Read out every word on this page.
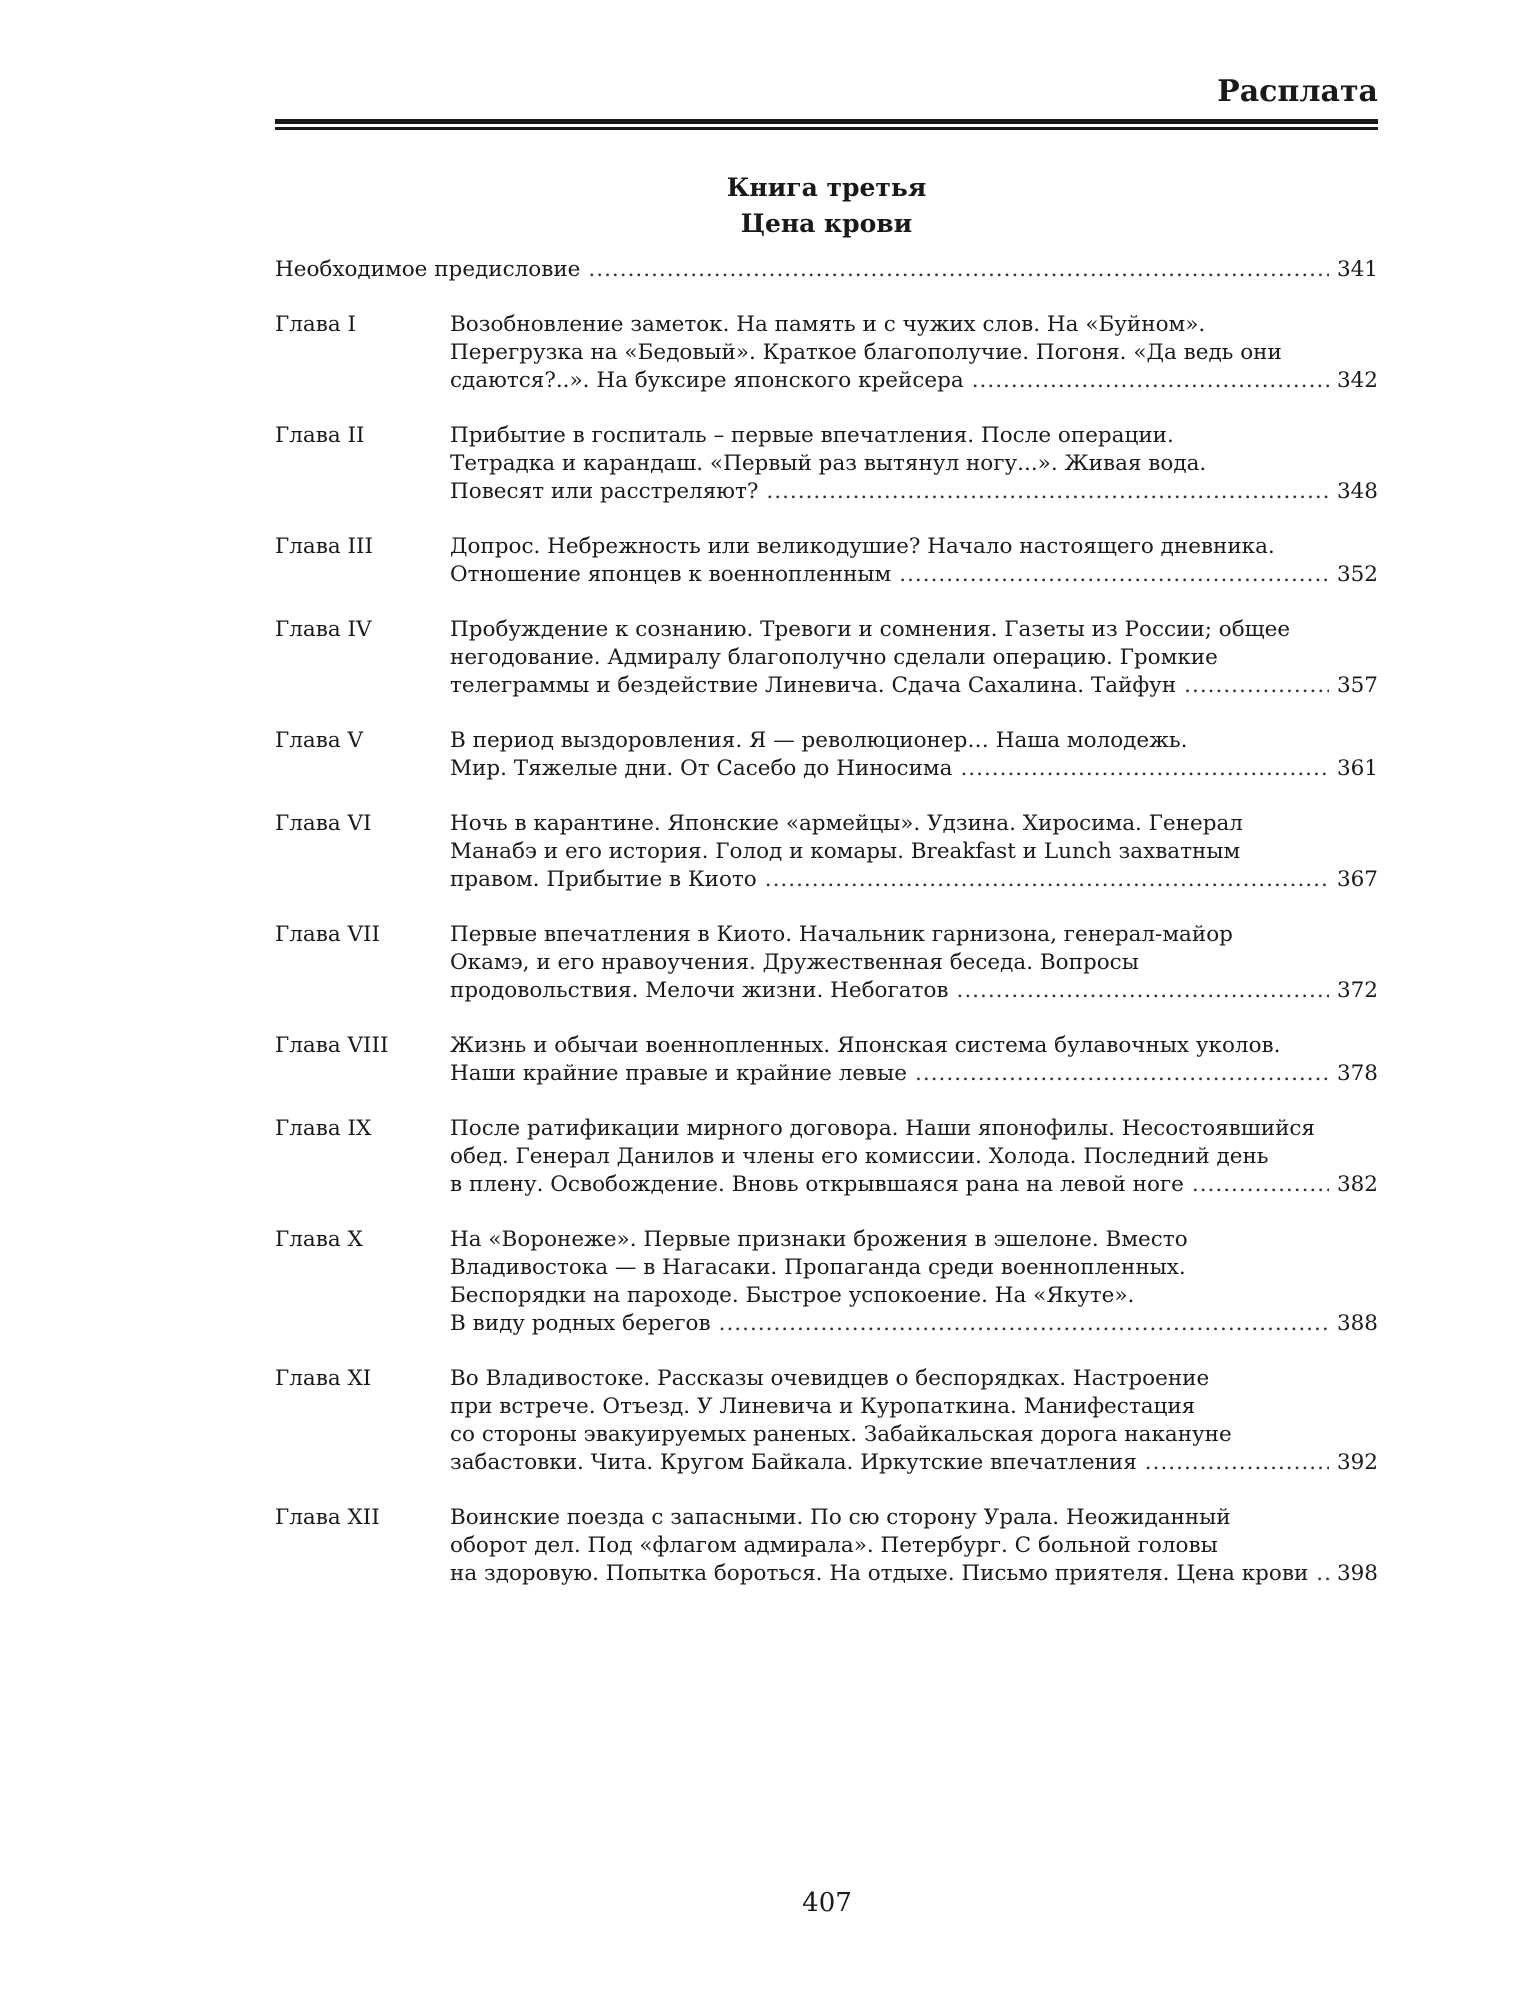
Расплата
Книга третья
Цена крови
Необходимое предисловие .....	341
Глава I	Возобновление заметок. На память и с чужих слов. На «Буйном».
Перегрузка на «Бедовый». Краткое благополучие. Погоня. «Да ведь они
сдаются?..». На буксире японского крейсера .....	342
Глава II	Прибытие в госпиталь – первые впечатления. После операции.
Тетрадка и карандаш. «Первый раз вытянул ногу...». Живая вода.
Повесят или расстреляют? .....	348
Глава III	Допрос. Небрежность или великодушие? Начало настоящего дневника.
Отношение японцев к военнопленным .....	352
Глава IV	Пробуждение к сознанию. Тревоги и сомнения. Газеты из России; общее
негодование. Адмиралу благополучно сделали операцию. Громкие
телеграммы и бездействие Линевича. Сдача Сахалина. Тайфун .....	357
Глава V	В период выздоровления. Я — революционер… Наша молодежь.
Мир. Тяжелые дни. От Сасебо до Ниносима .....	361
Глава VI	Ночь в карантине. Японские «армейцы». Удзина. Хиросима. Генерал
Манабэ и его история. Голод и комары. Breakfast и Lunch захватным
правом. Прибытие в Киото .....	367
Глава VII	Первые впечатления в Киото. Начальник гарнизона, генерал-майор
Окамэ, и его нравоучения. Дружественная беседа. Вопросы
продовольствия. Мелочи жизни. Небогатов .....	372
Глава VIII	Жизнь и обычаи военнопленных. Японская система булавочных уколов.
Наши крайние правые и крайние левые .....	378
Глава IX	После ратификации мирного договора. Наши японофилы. Несостоявшийся
обед. Генерал Данилов и члены его комиссии. Холода. Последний день
в плену. Освобождение. Вновь открывшаяся рана на левой ноге .....	382
Глава X	На «Воронеже». Первые признаки брожения в эшелоне. Вместо
Владивостока — в Нагасаки. Пропаганда среди военнопленных.
Беспорядки на пароходе. Быстрое успокоение. На «Якуте».
В виду родных берегов .....	388
Глава XI	Во Владивостоке. Рассказы очевидцев о беспорядках. Настроение
при встрече. Отъезд. У Линевича и Куропаткина. Манифестация
со стороны эвакуируемых раненых. Забайкальская дорога накануне
забастовки. Чита. Кругом Байкала. Иркутские впечатления .....	392
Глава XII	Воинские поезда с запасными. По сю сторону Урала. Неожиданный
оборот дел. Под «флагом адмирала». Петербург. С больной головы
на здоровую. Попытка бороться. На отдыхе. Письмо приятеля. Цена крови ..... 398
407
